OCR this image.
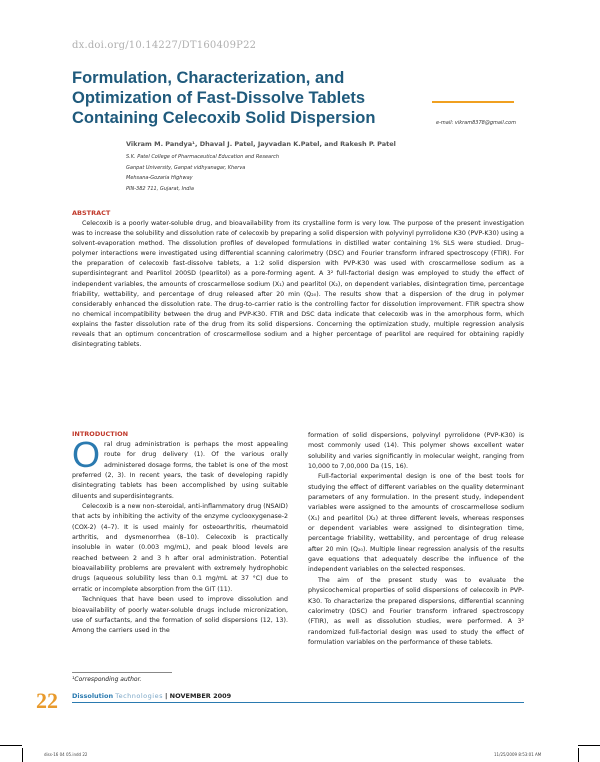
dx.doi.org/10.14227/DT160409P22
Formulation, Characterization, and
Optimization of Fast-Dissolve Tablets
Containing Celecoxib Solid Dispersion	e-mail: vikram8378@gmail.com
Vikram M. Pandya¹, Dhaval J. Patel, Jayvadan K.Patel, and Rakesh P. Patel
S.K. Patel College of Pharmaceutical Education and Research
Ganpat University, Ganpat vidhyanagar, Kherva
Mehsana-Gozaria Highway
PIN-382 711, Gujarat, India
ABSTRACT
Celecoxib is a poorly water-soluble drug, and bioavailability from its crystalline form is very low. The purpose of the present investigation was to increase the solubility and dissolution rate of celecoxib by preparing a solid dispersion with polyvinyl pyrrolidone K30 (PVP-K30) using a solvent-evaporation method. The dissolution profiles of developed formulations in distilled water containing 1% SLS were studied. Drug–polymer interactions were investigated using differential scanning calorimetry (DSC) and Fourier transform infrared spectroscopy (FTIR). For the preparation of celecoxib fast-dissolve tablets, a 1:2 solid dispersion with PVP-K30 was used with croscarmellose sodium as a superdisintegrant and Pearlitol 200SD (pearlitol) as a pore-forming agent. A 3² full-factorial design was employed to study the effect of independent variables, the amounts of croscarmellose sodium (X₁) and pearlitol (X₂), on dependent variables, disintegration time, percentage friability, wettability, and percentage of drug released after 20 min (Q₂₀). The results show that a dispersion of the drug in polymer considerably enhanced the dissolution rate. The drug-to-carrier ratio is the controlling factor for dissolution improvement. FTIR spectra show no chemical incompatibility between the drug and PVP-K30. FTIR and DSC data indicate that celecoxib was in the amorphous form, which explains the faster dissolution rate of the drug from its solid dispersions. Concerning the optimization study, multiple regression analysis reveals that an optimum concentration of croscarmellose sodium and a higher percentage of pearlitol are required for obtaining rapidly disintegrating tablets.
INTRODUCTION
O ral drug administration is perhaps the most appealing route for drug delivery (1). Of the various orally administered dosage forms, the tablet is one of the most preferred (2, 3). In recent years, the task of developing rapidly disintegrating tablets has been accomplished by using suitable diluents and superdisintegrants.

Celecoxib is a new non-steroidal, anti-inflammatory drug (NSAID) that acts by inhibiting the activity of the enzyme cyclooxygenase-2 (COX-2) (4–7). It is used mainly for osteoarthritis, rheumatoid arthritis, and dysmenorrhea (8–10). Celecoxib is practically insoluble in water (0.003 mg/mL), and peak blood levels are reached between 2 and 3 h after oral administration. Potential bioavailability problems are prevalent with extremely hydrophobic drugs (aqueous solubility less than 0.1 mg/mL at 37 °C) due to erratic or incomplete absorption from the GIT (11).

Techniques that have been used to improve dissolution and bioavailability of poorly water-soluble drugs include micronization, use of surfactants, and the formation of solid dispersions (12, 13). Among the carriers used in the

formation of solid dispersions, polyvinyl pyrrolidone (PVP-K30) is most commonly used (14). This polymer shows excellent water solubility and varies significantly in molecular weight, ranging from 10,000 to 7,00,000 Da (15, 16).

Full-factorial experimental design is one of the best tools for studying the effect of different variables on the quality determinant parameters of any formulation. In the present study, independent variables were assigned to the amounts of croscarmellose sodium (X₁) and pearlitol (X₂) at three different levels, whereas responses or dependent variables were assigned to disintegration time, percentage friability, wettability, and percentage of drug release after 20 min (Q₂₀). Multiple linear regression analysis of the results gave equations that adequately describe the influence of the independent variables on the selected responses.

The aim of the present study was to evaluate the physicochemical properties of solid dispersions of celecoxib in PVP-K30. To characterize the prepared dispersions, differential scanning calorimetry (DSC) and Fourier transform infrared spectroscopy (FTIR), as well as dissolution studies, were performed. A 3² randomized full-factorial design was used to study the effect of formulation variables on the performance of these tablets.

¹Corresponding author.
22 Dissolution Technologies | NOVEMBER 2009
diss-16 04 05.indd 22	11/25/2009 8:53:01 AM
